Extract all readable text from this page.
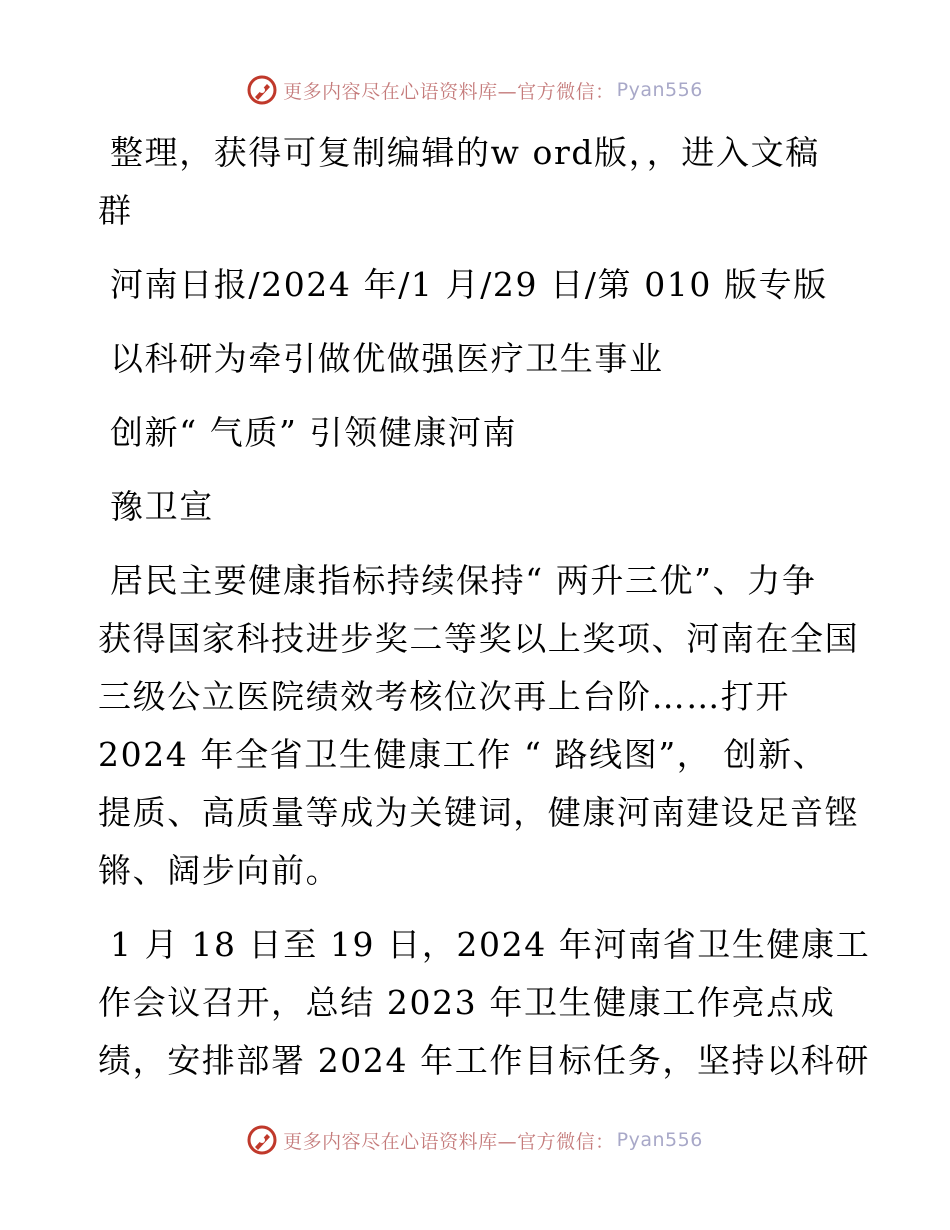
更多内容尽在心语资料库—官方微信： Pyan556

整理，获得可复制编辑的w ord版，，进入文稿

群

河南日报/2024 年/1 月/29 日/第 010 版专版

以科研为牵引做优做强医疗卫生事业

创新“ 气质” 引领健康河南

豫卫宣

居民主要健康指标持续保持“ 两升三优”、力争

获得国家科技进步奖二等奖以上奖项、河南在全国

三级公立医院绩效考核位次再上台阶……打开

2024 年全省卫生健康工作 “ 路线图”， 创新、

提质、高质量等成为关键词，健康河南建设足音铿

锵、阔步向前。

1 月 18 日至 19 日，2024 年河南省卫生健康工

作会议召开，总结 2023 年卫生健康工作亮点成

绩，安排部署 2024 年工作目标任务，坚持以科研

更多内容尽在心语资料库—官方微信： Pyan556
